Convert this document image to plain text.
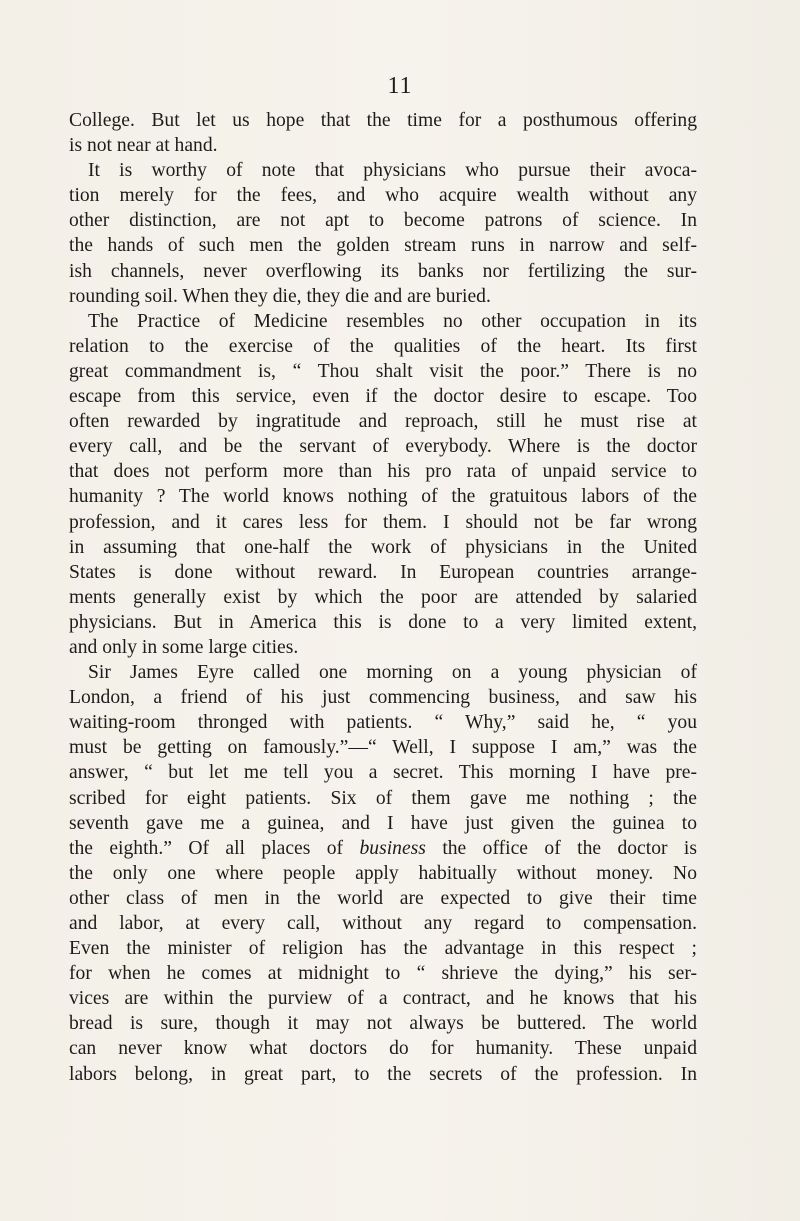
11
College. But let us hope that the time for a posthumous offering
is not near at hand.
It is worthy of note that physicians who pursue their avoca-
tion merely for the fees, and who acquire wealth without any
other distinction, are not apt to become patrons of science. In
the hands of such men the golden stream runs in narrow and self-
ish channels, never overflowing its banks nor fertilizing the sur-
rounding soil. When they die, they die and are buried.
The Practice of Medicine resembles no other occupation in its
relation to the exercise of the qualities of the heart. Its first
great commandment is, “ Thou shalt visit the poor.” There is no
escape from this service, even if the doctor desire to escape. Too
often rewarded by ingratitude and reproach, still he must rise at
every call, and be the servant of everybody. Where is the doctor
that does not perform more than his pro rata of unpaid service to
humanity ? The world knows nothing of the gratuitous labors of the
profession, and it cares less for them. I should not be far wrong
in assuming that one-half the work of physicians in the United
States is done without reward. In European countries arrange-
ments generally exist by which the poor are attended by salaried
physicians. But in America this is done to a very limited extent,
and only in some large cities.
Sir James Eyre called one morning on a young physician of
London, a friend of his just commencing business, and saw his
waiting-room thronged with patients. “ Why,” said he, “ you
must be getting on famously.”—“ Well, I suppose I am,” was the
answer, “ but let me tell you a secret. This morning I have pre-
scribed for eight patients. Six of them gave me nothing ; the
seventh gave me a guinea, and I have just given the guinea to
the eighth.” Of all places of business the office of the doctor is
the only one where people apply habitually without money. No
other class of men in the world are expected to give their time
and labor, at every call, without any regard to compensation.
Even the minister of religion has the advantage in this respect ;
for when he comes at midnight to “ shrieve the dying,” his ser-
vices are within the purview of a contract, and he knows that his
bread is sure, though it may not always be buttered. The world
can never know what doctors do for humanity. These unpaid
labors belong, in great part, to the secrets of the profession. In
